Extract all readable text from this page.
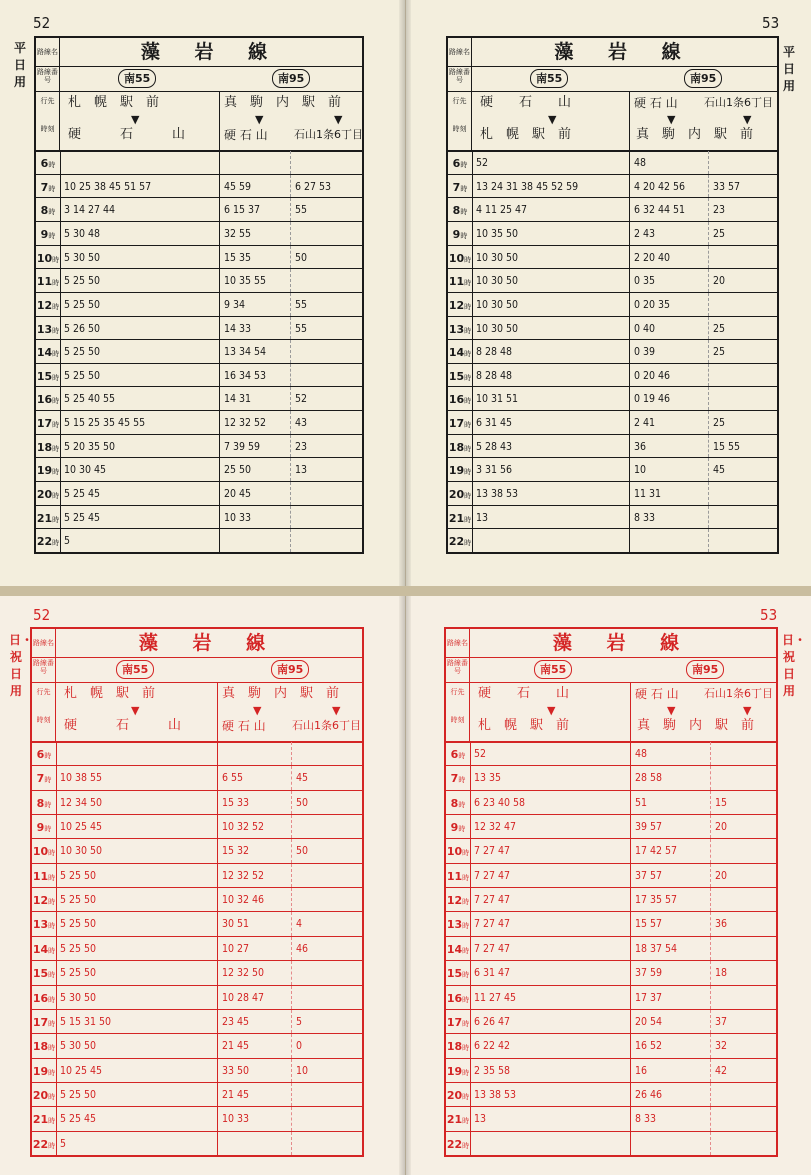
52
平日用
路線名	藻 岩 線
路線番号	南55	南95
行先
時刻
札　幌　駅　前	真　駒　内　駅　前
▼	▼	▼
硬　　　石　　　山	硬 石 山 石山1条6丁目
6時
7時 10 25 38 45 51 57	45 59	6 27 53
8時 3 14 27 44	6 15 37	55
9時 5 30 48	32 55
10時 5 30 50	15 35	50
11時 5 25 50	10 35 55
12時 5 25 50	9 34	55
13時 5 26 50	14 33	55
14時 5 25 50	13 34 54
15時 5 25 50	16 34 53
16時 5 25 40 55	14 31	52
17時 5 15 25 35 45 55	12 32 52	43
18時 5 20 35 50	7 39 59	23
19時 10 30 45	25 50	13
20時 5 25 45	20 45
21時 5 25 45	10 33
22時 5
53
平日用
路線名	藻 岩 線
路線番号	南55	南95
行先
時刻
硬　　石　　山	硬 石 山 石山1条6丁目
▼	▼	▼
札　幌　駅　前	真　駒　内　駅　前
6時 52	48
7時 13 24 31 38 45 52 59	4 20 42 56	33 57
8時 4 11 25 47	6 32 44 51	23
9時 10 35 50	2 43	25
10時 10 30 50	2 20 40
11時 10 30 50	0 35	20
12時 10 30 50	0 20 35
13時 10 30 50	0 40	25
14時 8 28 48	0 39	25
15時 8 28 48	0 20 46
16時 10 31 51	0 19 46
17時 6 31 45	2 41	25
18時 5 28 43	36	15 55
19時 3 31 56	10	45
20時 13 38 53	11 31
21時 13	8 33
22時
52
日・祝日用
路線名	藻 岩 線
路線番号	南55	南95
行先
時刻
札　幌　駅　前	真　駒　内　駅　前
▼	▼	▼
硬　　　石　　　山	硬 石 山 石山1条6丁目
6時
7時 10 38 55	6 55	45
8時 12 34 50	15 33	50
9時 10 25 45	10 32 52
10時 10 30 50	15 32	50
11時 5 25 50	12 32 52
12時 5 25 50	10 32 46
13時 5 25 50	30 51	4
14時 5 25 50	10 27	46
15時 5 25 50	12 32 50
16時 5 30 50	10 28 47
17時 5 15 31 50	23 45	5
18時 5 30 50	21 45	0
19時 10 25 45	33 50	10
20時 5 25 50	21 45
21時 5 25 45	10 33
22時 5
53
日・祝日用
路線名	藻 岩 線
路線番号	南55	南95
行先
時刻
硬　　石　　山	硬 石 山 石山1条6丁目
▼	▼	▼
札　幌　駅　前	真　駒　内　駅　前
6時 52	48
7時 13 35	28 58
8時 6 23 40 58	51	15
9時 12 32 47	39 57	20
10時 7 27 47	17 42 57
11時 7 27 47	37 57	20
12時 7 27 47	17 35 57
13時 7 27 47	15 57	36
14時 7 27 47	18 37 54
15時 6 31 47	37 59	18
16時 11 27 45	17 37
17時 6 26 47	20 54	37
18時 6 22 42	16 52	32
19時 2 35 58	16	42
20時 13 38 53	26 46
21時 13	8 33
22時
